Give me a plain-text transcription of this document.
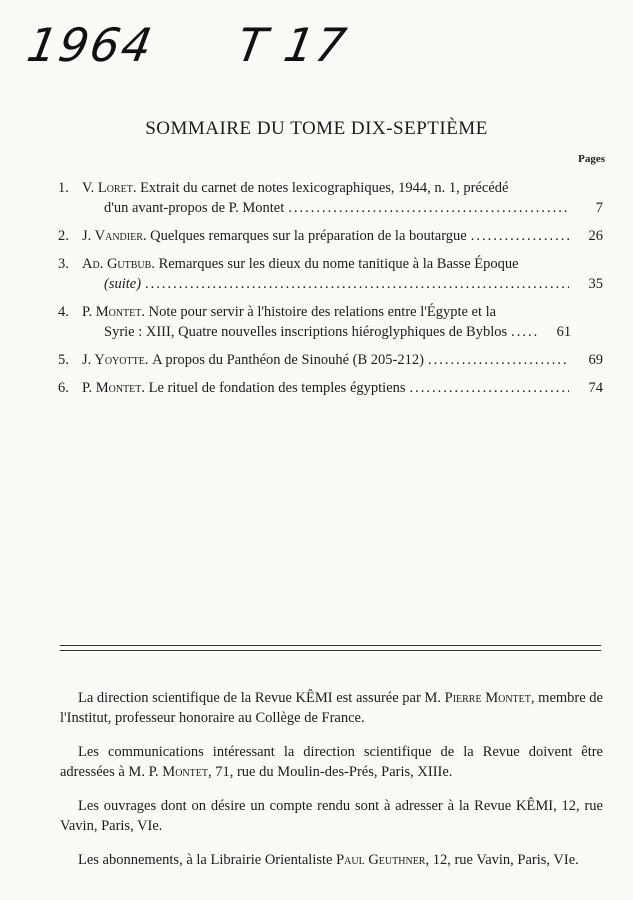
1964 T 17
SOMMAIRE DU TOME DIX-SEPTIÈME
Pages
1. V. Loret. Extrait du carnet de notes lexicographiques, 1944, n. 1, précédé
d'un avant-propos de P. Montet .....	7
2. J. Vandier . Quelques remarques sur la préparation de la boutargue .....	26
3. Ad. Gutbub. Remarques sur les dieux du nome tanitique à la Basse Époque
(suite) .....	35
4. P. Montet. Note pour servir à l'histoire des relations entre l'Égypte et la
Syrie : XIII, Quatre nouvelles inscriptions hiéroglyphiques de Byblos .....	61
5. J. Yoyotte . A propos du Panthéon de Sinouhé (B 205-212) .....	69
6. P. Montet . Le rituel de fondation des temples égyptiens .....	74

La direction scientifique de la Revue KÊMI est assurée par M. Pierre Montet, membre de l'Institut, professeur honoraire au Collège de France.

Les communications intéressant la direction scientifique de la Revue doivent être adressées à M. P. Montet, 71, rue du Moulin-des-Prés, Paris, XIIIe.

Les ouvrages dont on désire un compte rendu sont à adresser à la Revue KÊMI, 12, rue Vavin, Paris, VIe.

Les abonnements, à la Librairie Orientaliste Paul Geuthner, 12, rue Vavin, Paris, VIe.
